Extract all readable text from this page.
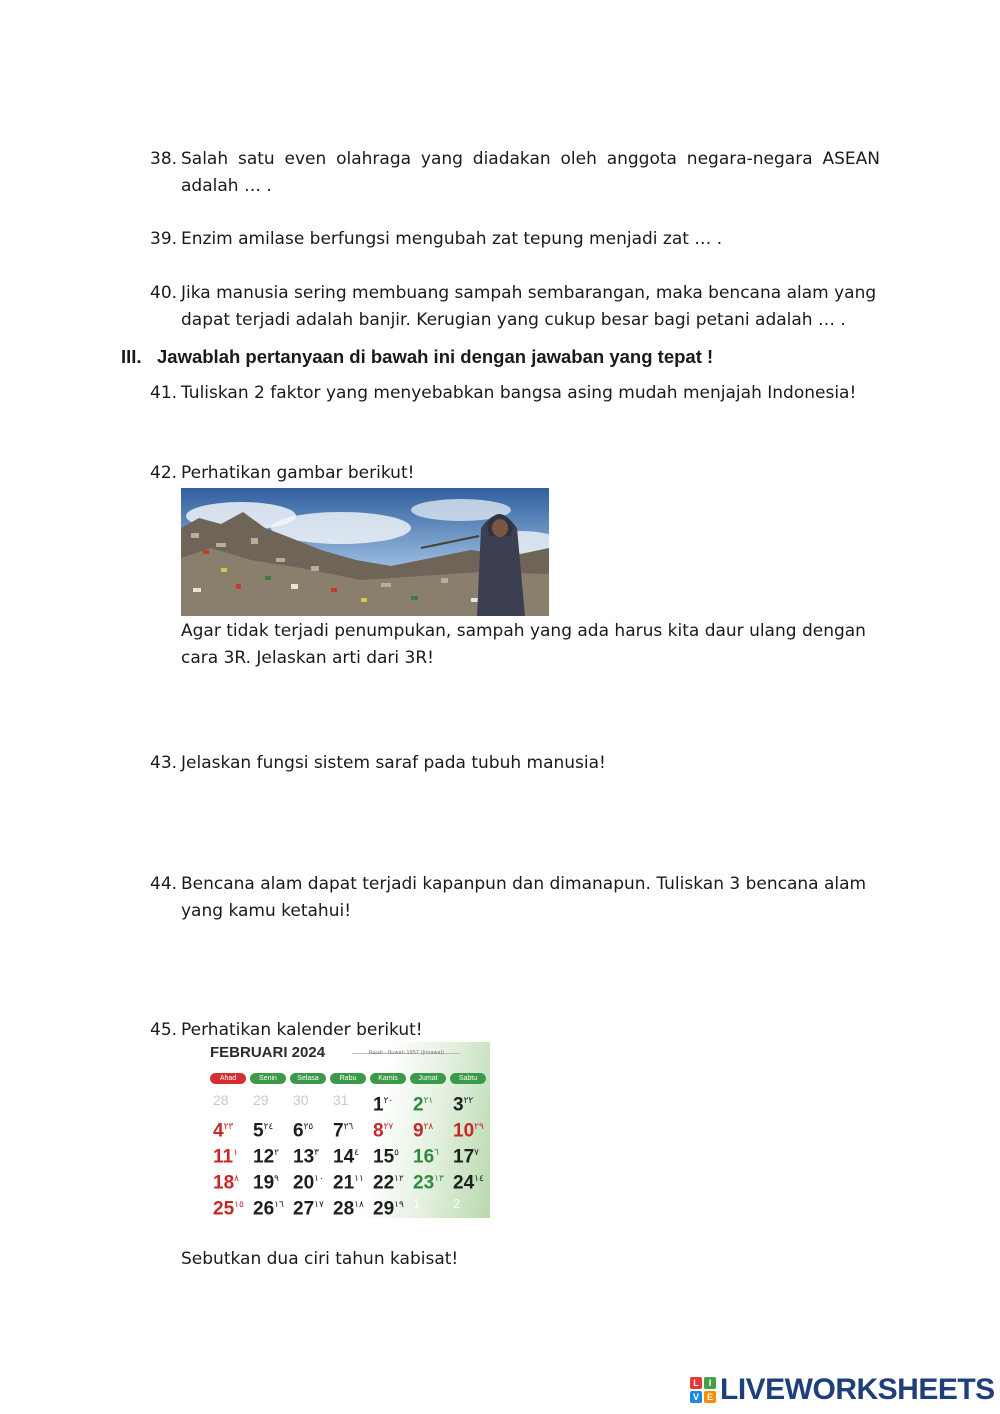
38. Salah satu even olahraga yang diadakan oleh anggota negara-negara ASEAN adalah … .
39. Enzim amilase berfungsi mengubah zat tepung menjadi zat … .
40. Jika manusia sering membuang sampah sembarangan, maka bencana alam yang dapat terjadi adalah banjir. Kerugian yang cukup besar bagi petani adalah … .
III. Jawablah pertanyaan di bawah ini dengan jawaban yang tepat !
41. Tuliskan 2 faktor yang menyebabkan bangsa asing mudah menjajah Indonesia!
42. Perhatikan gambar berikut!
Agar tidak terjadi penumpukan, sampah yang ada harus kita daur ulang dengan cara 3R. Jelaskan arti dari 3R!
43. Jelaskan fungsi sistem saraf pada tubuh manusia!
44. Bencana alam dapat terjadi kapanpun dan dimanapun. Tuliskan 3 bencana alam yang kamu ketahui!
45. Perhatikan kalender berikut!
FEBRUARI 2024	Rajab - Ruwah 1957 (Jimawal)
Ahad	Senin	Selasa	Rabu	Kamis	Jumat	Sabtu
28	29	30	31	$1^{٢٠}$	$2^{٢١}$	$3^{٢٢}$
$4^{٢٣}$	$5^{٢٤}$	$6^{٢٥}$	$7^{٢٦}$	$8^{٢٧}$	$9^{٢٨}$	$10^{٢٩}$
$11^١$ $12^٢$ $13^٣$ $14^٤$ $15^٥$ $16^٦$ $17^٧$
$18^٨$ $19^٩$ $20^{١٠}$ $21^{١١}$ $22^{١٢}$ $23^{١٣}$ $24^{١٤}$
$25^{١٥}$ $26^{١٦}$ $27^{١٧}$ $28^{١٨}$ $29^{١٩}$ 1	2
Sebutkan dua ciri tahun kabisat!
L	I
V E LIVEWORKSHEETS
